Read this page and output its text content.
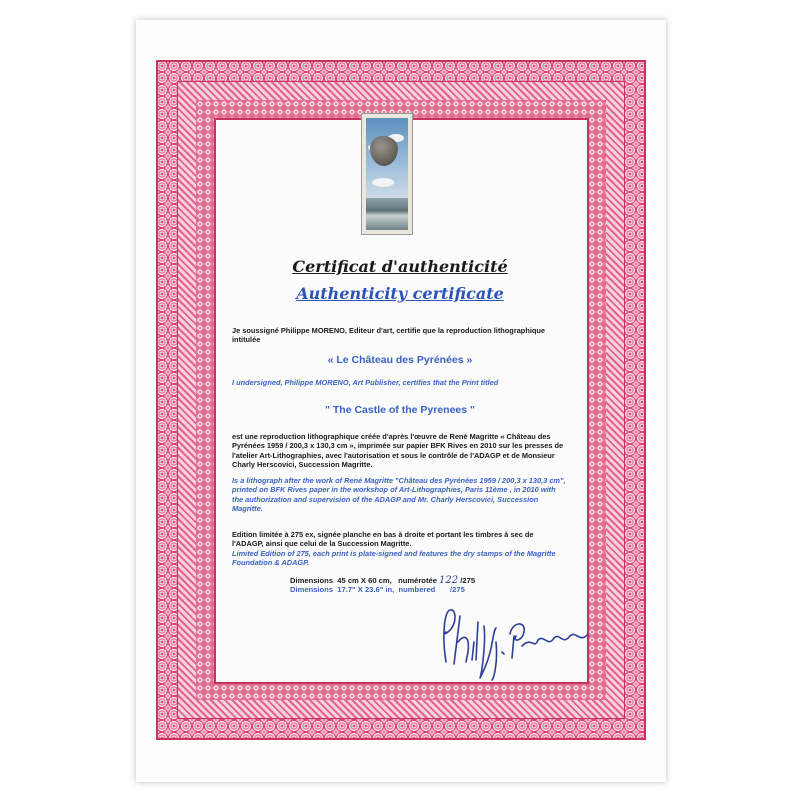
Certificat d'authenticité
Authenticity certificate
Je soussigné Philippe MORENO, Editeur d'art, certifie que la reproduction lithographique intitulée
« Le Château des Pyrénées »
I undersigned, Philippe MORENO, Art Publisher, certifies that the Print titled
" The Castle of the Pyrenees "
est une reproduction lithographique créée d'après l'œuvre de René Magritte « Château des Pyrénées 1959 / 200,3 x 130,3 cm », imprimée sur papier BFK Rives en 2010 sur les presses de l'atelier Art-Lithographies, avec l'autorisation et sous le contrôle de l'ADAGP et de Monsieur Charly Herscovici, Succession Magritte.
Is a lithograph after the work of René Magritte "Château des Pyrénées 1959 / 200,3 x 130,3 cm", printed on BFK Rives paper in the workshop of Art-Lithographies, Paris 11ème , in 2010 with the authorization and supervision of the ADAGP and Mr. Charly Herscovici, Succession Magritte.
Edition limitée à 275 ex, signée planche en bas à droite et portant les timbres à sec de l'ADAGP, ainsi que celui de la Succession Magritte.
Limited Edition of 275, each print is plate-signed and features the dry stamps of the Magritte Foundation & ADAGP.
Dimensions 45 cm X 60 cm, numérotée 122 /275
Dimensions 17.7" X 23.6" in, numbered /275
